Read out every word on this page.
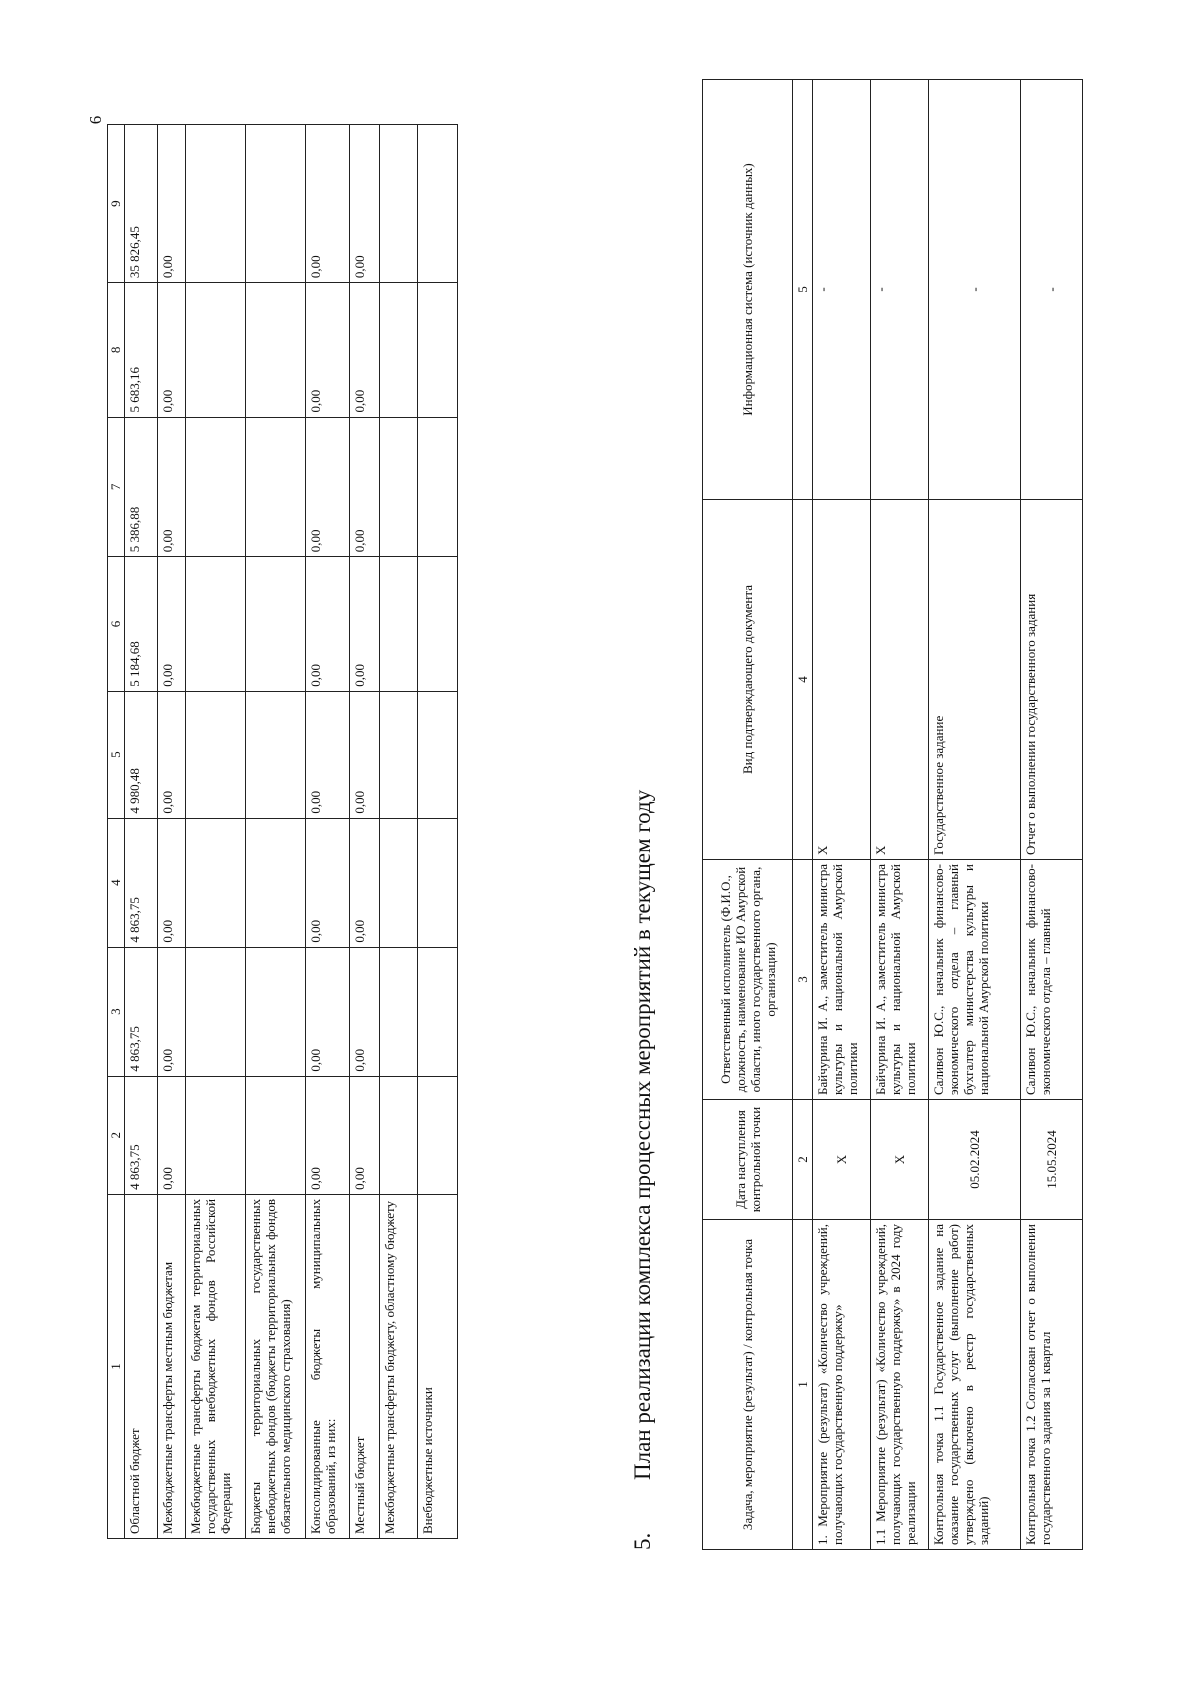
6
1	2	3	4	5	6	7	8	9
Областной бюджет	4 863,75	4 863,75	4 863,75	4 980,48	5 184,68	5 386,88	5 683,16	35 826,45
Межбюджетные трансферты местным бюджетам	0,00	0,00	0,00	0,00	0,00	0,00	0,00	0,00
Межбюджетные трансферты бюджетам территориальных государственных внебюджетных фондов Российской Федерации								
Бюджеты территориальных государственных внебюджетных фондов (бюджеты территориальных фондов обязательного медицинского страхования)								
Консолидированные бюджеты муниципальных образований, из них:	0,00	0,00	0,00	0,00	0,00	0,00	0,00	0,00
Местный бюджет	0,00	0,00	0,00	0,00	0,00	0,00	0,00	0,00
Межбюджетные трансферты бюджету, областному бюджету								
Внебюджетные источники								
5.План реализации комплекса процессных мероприятий в текущем году	Задача, мероприятие (результат) / контрольная точка	Дата наступления контрольной точки	Ответственный исполнитель (Ф.И.О., должность, наименование ИО Амурской области, иного государственного органа, организации)	Вид подтверждающего документа	Информационная система (источник данных)
1	2	3	4	5
1. Мероприятие (результат) «Количество учреждений, получающих государственную поддержку»	X	Байчурина И. А., заместитель министра культуры и национальной Амурской политики	X	-
1.1 Мероприятие (результат) «Количество учреждений, получающих государственную поддержку» в 2024 году реализации	X	Байчурина И. А., заместитель министра культуры и национальной Амурской политики	X	-
Контрольная точка 1.1 Государственное задание на оказание государственных услуг (выполнение работ) утверждено (включено в реестр государственных заданий)	05.02.2024	Саливон Ю.С., начальник финансово-экономического отдела – главный бухгалтер министерства культуры и национальной Амурской политики	Государственное задание	-
Контрольная точка 1.2 Согласован отчет о выполнении государственного задания за 1 квартал	15.05.2024	Саливон Ю.С., начальник финансово-экономического отдела – главный	Отчет о выполнении государственного задания	-
